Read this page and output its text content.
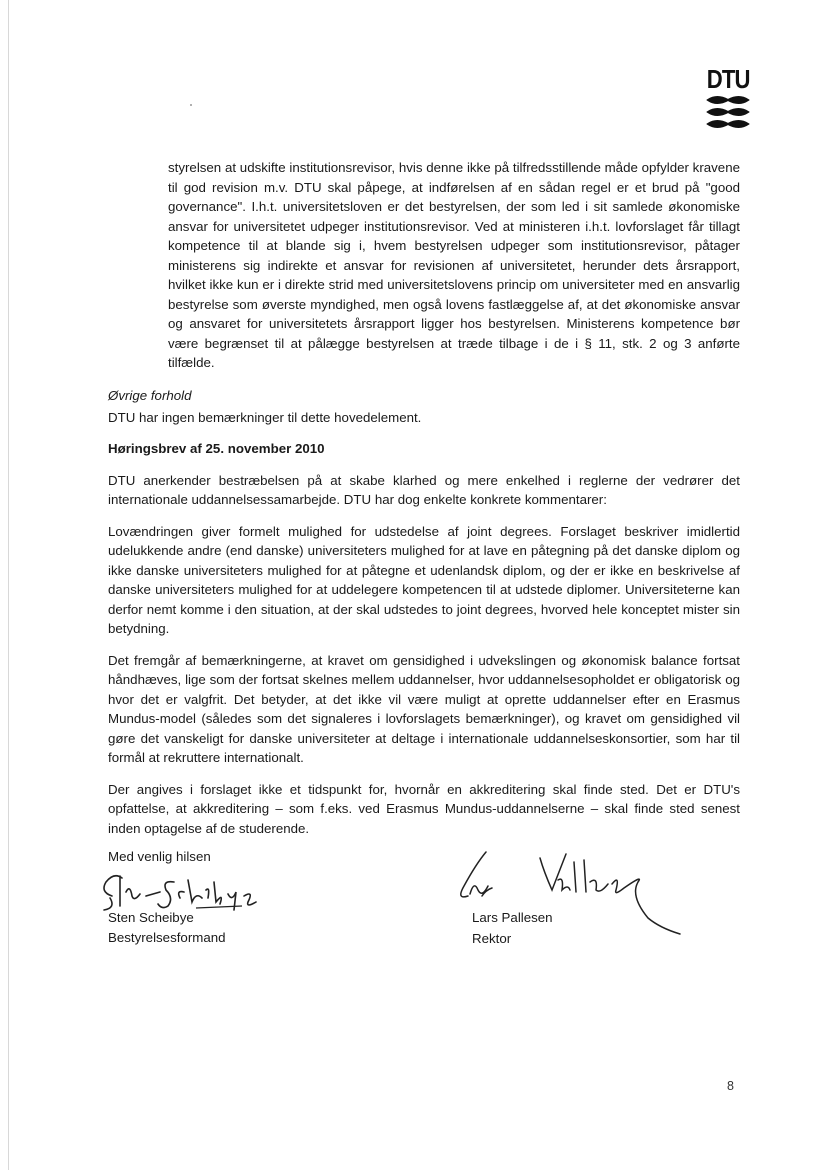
DTU
styrelsen at udskifte institutionsrevisor, hvis denne ikke på tilfredsstillende måde opfylder kravene til god revision m.v. DTU skal påpege, at indførelsen af en sådan regel er et brud på "good governance". I.h.t. universitetsloven er det bestyrelsen, der som led i sit samlede økonomiske ansvar for universitetet udpeger institutionsrevisor. Ved at ministeren i.h.t. lovforslaget får tillagt kompetence til at blande sig i, hvem bestyrelsen udpeger som institutionsrevisor, påtager ministerens sig indirekte et ansvar for revisionen af universitetet, herunder dets årsrapport, hvilket ikke kun er i direkte strid med universitetslovens princip om universiteter med en ansvarlig bestyrelse som øverste myndighed, men også lovens fastlæggelse af, at det økonomiske ansvar og ansvaret for universitetets årsrapport ligger hos bestyrelsen. Ministerens kompetence bør være begrænset til at pålægge bestyrelsen at træde tilbage i de i § 11, stk. 2 og 3 anførte tilfælde.

Øvrige forhold

DTU har ingen bemærkninger til dette hovedelement.

Høringsbrev af 25. november 2010

DTU anerkender bestræbelsen på at skabe klarhed og mere enkelhed i reglerne der vedrører det internationale uddannelsessamarbejde. DTU har dog enkelte konkrete kommentarer:

Lovændringen giver formelt mulighed for udstedelse af joint degrees. Forslaget beskriver imidlertid udelukkende andre (end danske) universiteters mulighed for at lave en påtegning på det danske diplom og ikke danske universiteters mulighed for at påtegne et udenlandsk diplom, og der er ikke en beskrivelse af danske universiteters mulighed for at uddelegere kompetencen til at udstede diplomer. Universiteterne kan derfor nemt komme i den situation, at der skal udstedes to joint degrees, hvorved hele konceptet mister sin betydning.

Det fremgår af bemærkningerne, at kravet om gensidighed i udvekslingen og økonomisk balance fortsat håndhæves, lige som der fortsat skelnes mellem uddannelser, hvor uddannelsesopholdet er obligatorisk og hvor det er valgfrit. Det betyder, at det ikke vil være muligt at oprette uddannelser efter en Erasmus Mundus-model (således som det signaleres i lovforslagets bemærkninger), og kravet om gensidighed vil gøre det vanskeligt for danske universiteter at deltage i internationale uddannelseskonsortier, som har til formål at rekruttere internationalt.

Der angives i forslaget ikke et tidspunkt for, hvornår en akkreditering skal finde sted. Det er DTU's opfattelse, at akkreditering – som f.eks. ved Erasmus Mundus-uddannelserne – skal finde sted senest inden optagelse af de studerende.

Med venlig hilsen
Sten Scheibye
Bestyrelsesformand
Lars Pallesen
Rektor
8
